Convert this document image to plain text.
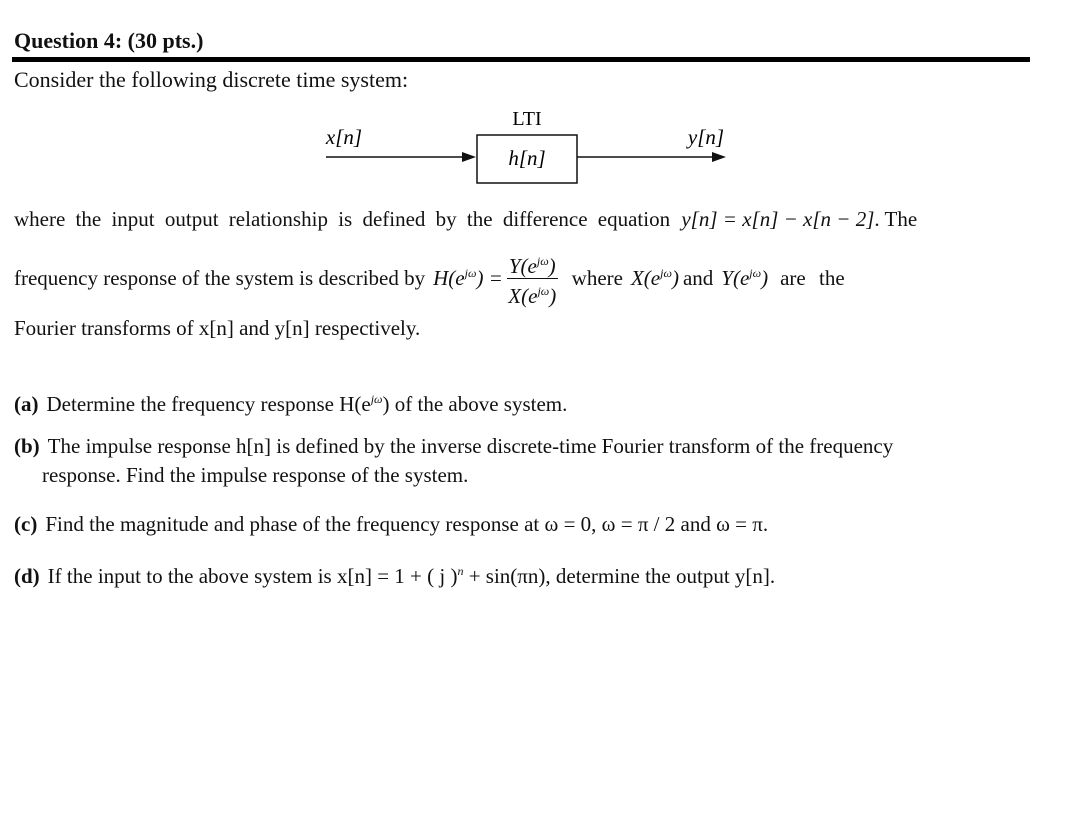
Question 4: (30 pts.)
Consider the following discrete time system:
LTI
h[n]
x[n]	y[n]
where the input output relationship is defined by the difference equation y[n] = x[n] − x[n − 2]. The
frequency response of the system is described by $H(e^{j\omega}) = \frac{Y(e^{j\omega})}{X(e^{j\omega})}$ where $X(e^{j\omega})$ and $Y(e^{j\omega})$ are the
Fourier transforms of x[n] and y[n] respectively.
(a) Determine the frequency response $H(e^{j\omega})$ of the above system.
(b) The impulse response h[n] is defined by the inverse discrete-time Fourier transform of the frequency
response. Find the impulse response of the system.
(c) Find the magnitude and phase of the frequency response at ω = 0, ω = π / 2 and ω = π.
(d) If the input to the above system is x[n] = 1 + ( j )$^n$ + sin(πn), determine the output y[n].
